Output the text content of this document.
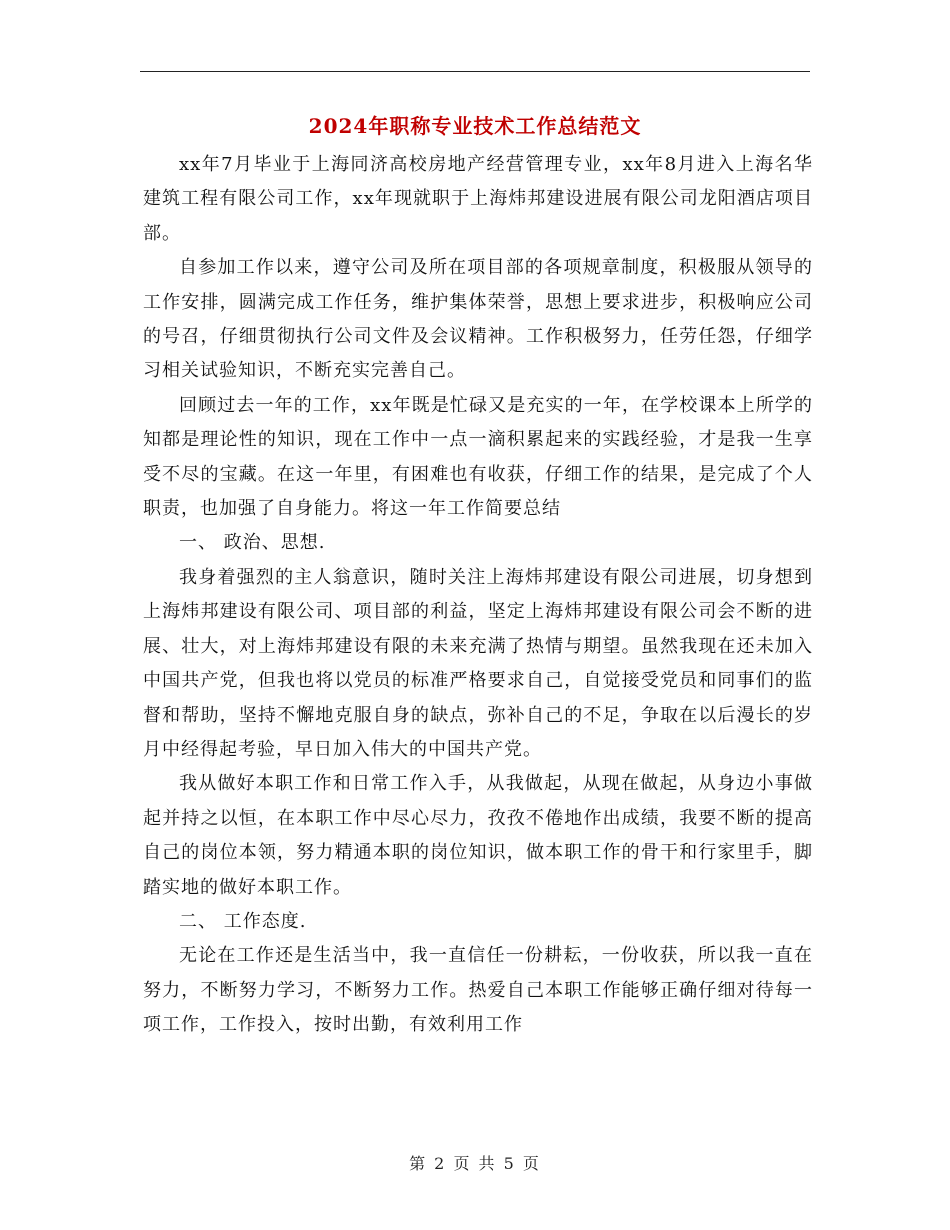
2024年职称专业技术工作总结范文

xx年7月毕业于上海同济高校房地产经营管理专业，xx年8月进入上海名华建筑工程有限公司工作，xx年现就职于上海炜邦建设进展有限公司龙阳酒店项目部。

自参加工作以来，遵守公司及所在项目部的各项规章制度，积极服从领导的工作安排，圆满完成工作任务，维护集体荣誉，思想上要求进步，积极响应公司的号召，仔细贯彻执行公司文件及会议精神。工作积极努力，任劳任怨，仔细学习相关试验知识，不断充实完善自己。

回顾过去一年的工作，xx年既是忙碌又是充实的一年，在学校课本上所学的知都是理论性的知识，现在工作中一点一滴积累起来的实践经验，才是我一生享受不尽的宝藏。在这一年里，有困难也有收获，仔细工作的结果，是完成了个人职责，也加强了自身能力。将这一年工作简要总结

一、 政治、思想.

我身着强烈的主人翁意识，随时关注上海炜邦建设有限公司进展，切身想到上海炜邦建设有限公司、项目部的利益，坚定上海炜邦建设有限公司会不断的进展、壮大，对上海炜邦建设有限的未来充满了热情与期望。虽然我现在还未加入中国共产党，但我也将以党员的标准严格要求自己，自觉接受党员和同事们的监督和帮助，坚持不懈地克服自身的缺点，弥补自己的不足，争取在以后漫长的岁月中经得起考验，早日加入伟大的中国共产党。

我从做好本职工作和日常工作入手，从我做起，从现在做起，从身边小事做起并持之以恒，在本职工作中尽心尽力，孜孜不倦地作出成绩，我要不断的提高自己的岗位本领，努力精通本职的岗位知识，做本职工作的骨干和行家里手，脚踏实地的做好本职工作。

二、 工作态度.

无论在工作还是生活当中，我一直信任一份耕耘，一份收获，所以我一直在努力，不断努力学习，不断努力工作。热爱自己本职工作能够正确仔细对待每一项工作，工作投入，按时出勤，有效利用工作

第 2 页 共 5 页
